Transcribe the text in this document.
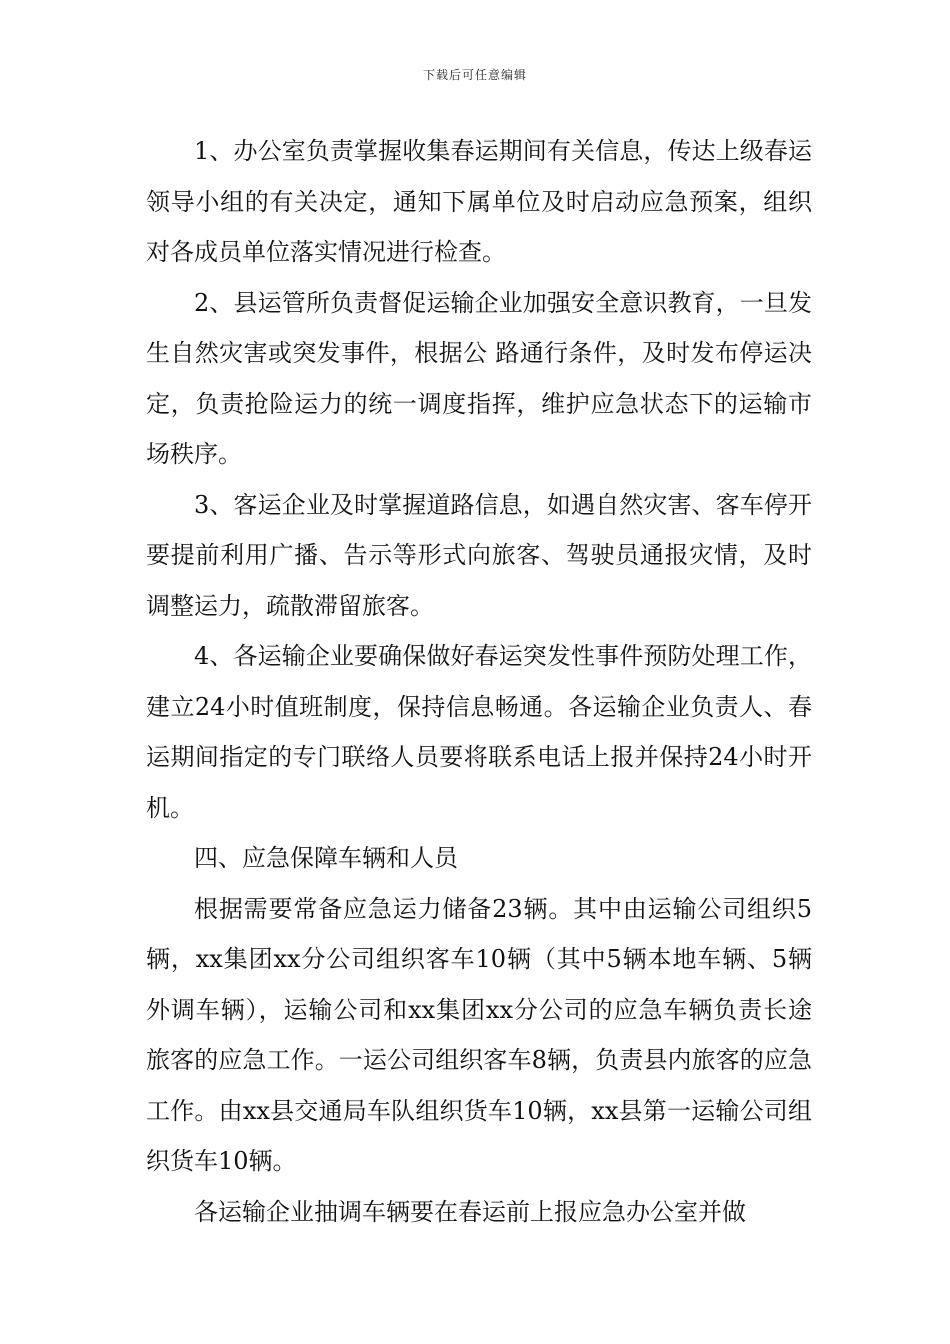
下载后可任意编辑

1、办公室负责掌握收集春运期间有关信息，传达上级春运领导小组的有关决定，通知下属单位及时启动应急预案，组织对各成员单位落实情况进行检查。

2、县运管所负责督促运输企业加强安全意识教育，一旦发生自然灾害或突发事件，根据公 路通行条件，及时发布停运决定，负责抢险运力的统一调度指挥，维护应急状态下的运输市场秩序。

3、客运企业及时掌握道路信息，如遇自然灾害、客车停开要提前利用广播、告示等形式向旅客、驾驶员通报灾情，及时调整运力，疏散滞留旅客。

4、各运输企业要确保做好春运突发性事件预防处理工作，建立24小时值班制度，保持信息畅通。各运输企业负责人、春运期间指定的专门联络人员要将联系电话上报并保持24小时开机。

四、应急保障车辆和人员

根据需要常备应急运力储备23辆。其中由运输公司组织5辆，xx集团xx分公司组织客车10辆（其中5辆本地车辆、5辆外调车辆），运输公司和xx集团xx分公司的应急车辆负责长途旅客的应急工作。一运公司组织客车8辆，负责县内旅客的应急工作。由xx县交通局车队组织货车10辆，xx县第一运输公司组织货车10辆。

各运输企业抽调车辆要在春运前上报应急办公室并做
